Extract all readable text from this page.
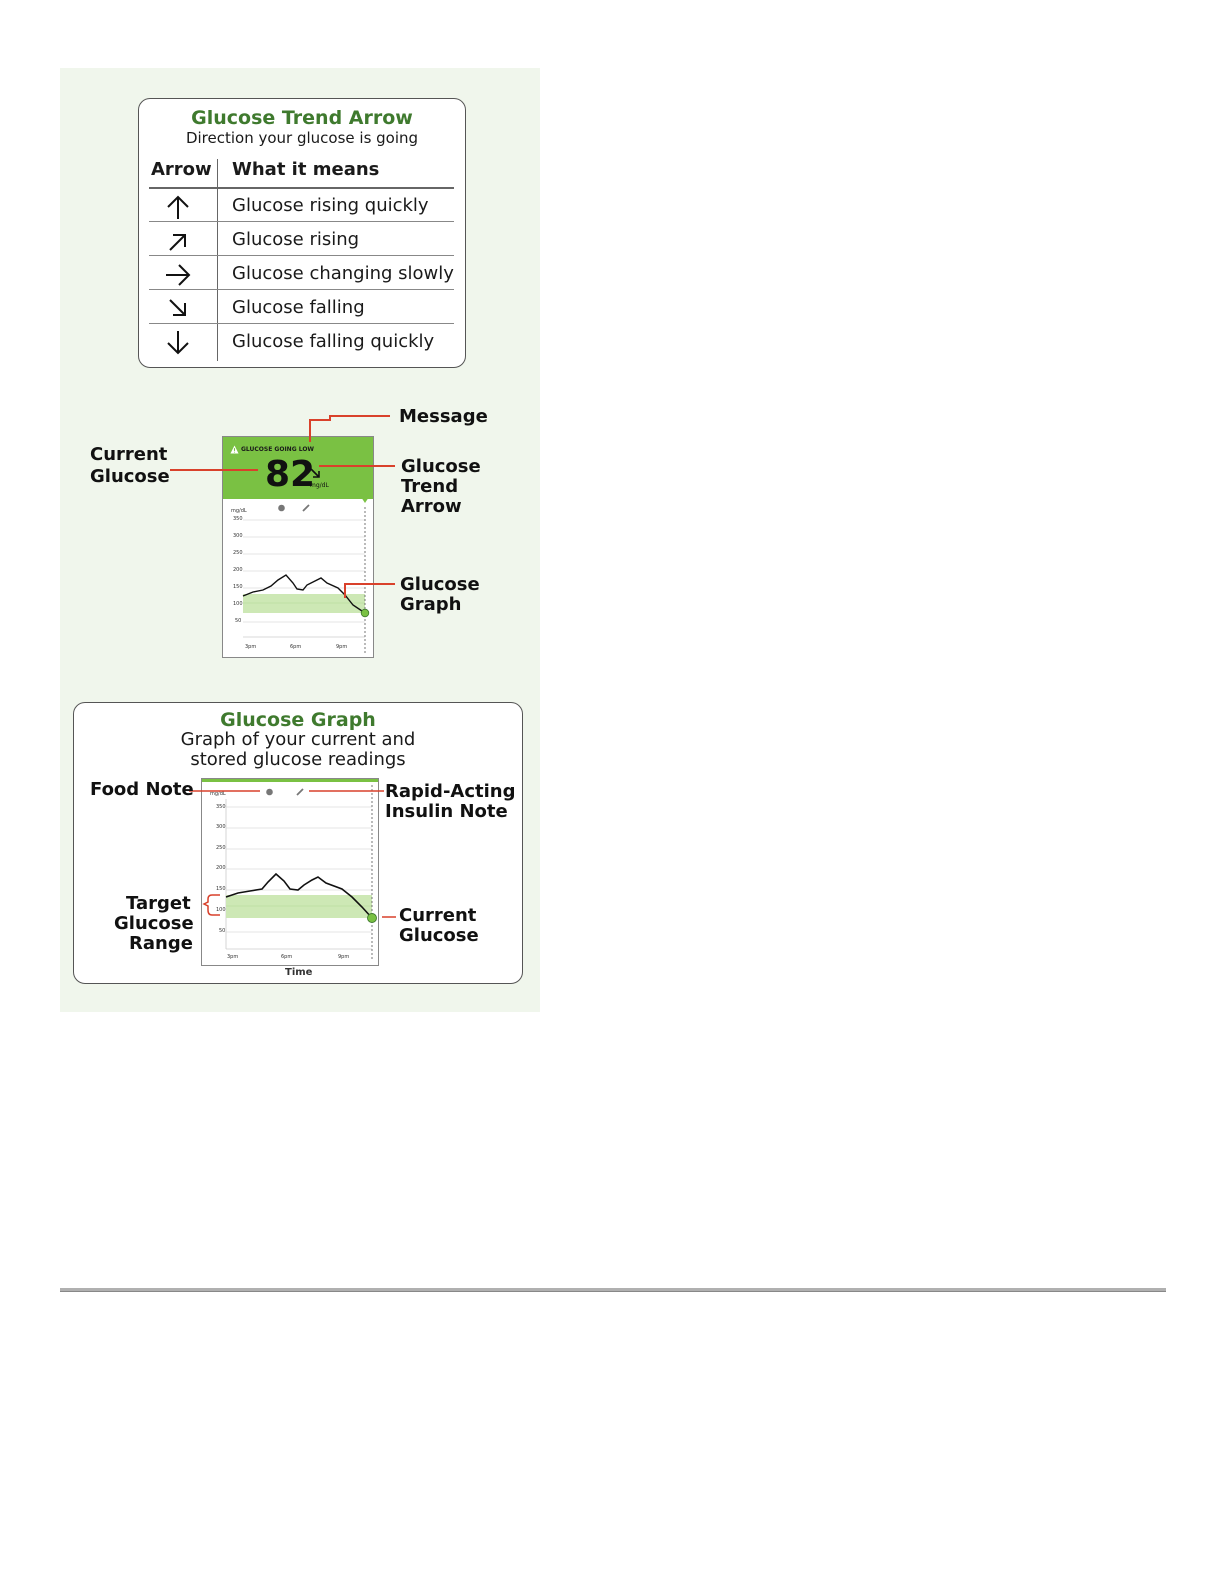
Glucose Trend Arrow
Direction your glucose is going
Arrow What it means
Glucose rising quickly
Glucose rising
Glucose changing slowly
Glucose falling
Glucose falling quickly
GLUCOSE GOING LOW
82
mg/dL
mg/dL
350
300
250
200
150
100
50
3pm	6pm	9pm
Message
Current
Glucose	Glucose
Trend
Arrow
Glucose
Graph
Glucose Graph
Graph of your current and
stored glucose readings
mg/dL
350
300
250
200
150
100
50
3pm	6pm	9pm
Food Note	Rapid-Acting
Insulin Note
Target
Glucose
Range
Current
Glucose
Time
